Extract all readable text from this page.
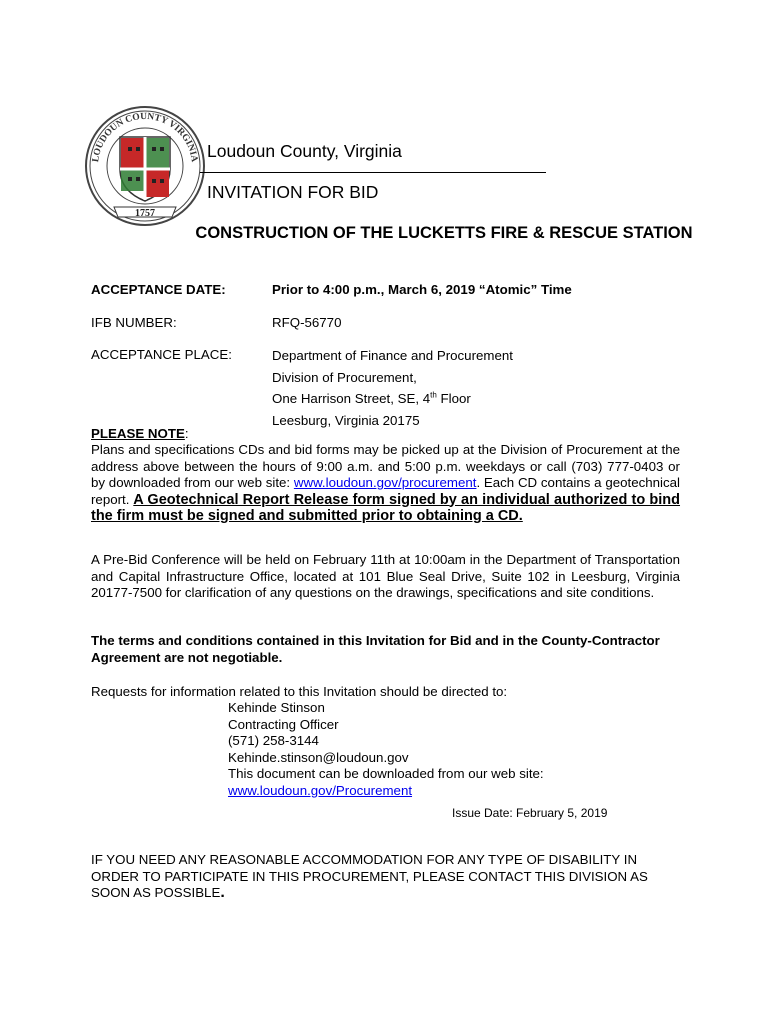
LOUDOUN COUNTY VIRGINIA
1757
Loudoun County, Virginia
INVITATION FOR BID
CONSTRUCTION OF THE LUCKETTS FIRE & RESCUE STATION
ACCEPTANCE DATE:	Prior to 4:00 p.m., March 6, 2019 “Atomic” Time
IFB NUMBER:	RFQ-56770
ACCEPTANCE PLACE:	Department of Finance and Procurement
Division of Procurement,
One Harrison Street, SE, 4th Floor
Leesburg, Virginia 20175
PLEASE NOTE:
Plans and specifications CDs and bid forms may be picked up at the Division of Procurement at the address above between the hours of 9:00 a.m. and 5:00 p.m. weekdays or call (703) 777-0403 or by downloaded from our web site: www.loudoun.gov/procurement. Each CD contains a geotechnical report. A Geotechnical Report Release form signed by an individual authorized to bind the firm must be signed and submitted prior to obtaining a CD.
A Pre-Bid Conference will be held on February 11th at 10:00am in the Department of Transportation and Capital Infrastructure Office, located at 101 Blue Seal Drive, Suite 102 in Leesburg, Virginia 20177-7500 for clarification of any questions on the drawings, specifications and site conditions.
The terms and conditions contained in this Invitation for Bid and in the County-Contractor Agreement are not negotiable.
Requests for information related to this Invitation should be directed to:
Kehinde Stinson
Contracting Officer
(571) 258-3144
Kehinde.stinson@loudoun.gov
This document can be downloaded from our web site:
www.loudoun.gov/Procurement
Issue Date: February 5, 2019
IF YOU NEED ANY REASONABLE ACCOMMODATION FOR ANY TYPE OF DISABILITY IN ORDER TO PARTICIPATE IN THIS PROCUREMENT, PLEASE CONTACT THIS DIVISION AS SOON AS POSSIBLE.
